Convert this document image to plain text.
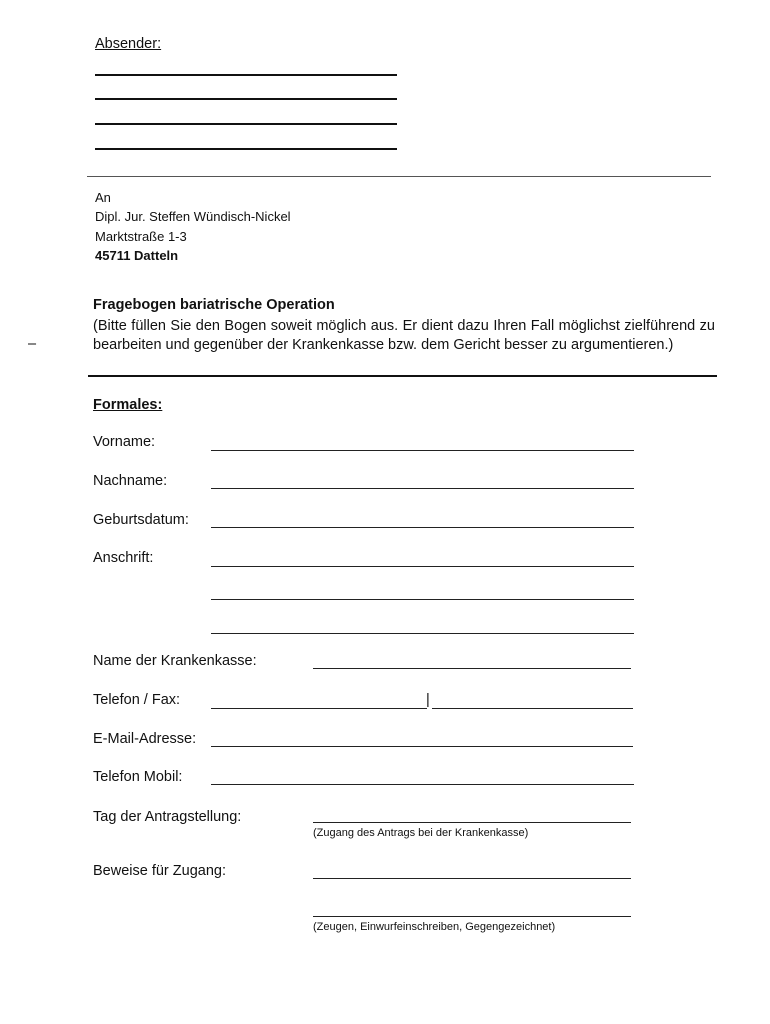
Absender:
An
Dipl. Jur. Steffen Wündisch-Nickel
Marktstraße 1-3
45711 Datteln
–
Fragebogen bariatrische Operation
(Bitte füllen Sie den Bogen soweit möglich aus. Er dient dazu Ihren Fall möglichst zielführend zu bearbeiten und gegenüber der Krankenkasse bzw. dem Gericht besser zu argumentieren.)
Formales:
Vorname:
Nachname:
Geburtsdatum:
Anschrift:
Name der Krankenkasse:
Telefon / Fax:	|
E-Mail-Adresse:
Telefon Mobil:
Tag der Antragstellung:
(Zugang des Antrags bei der Krankenkasse)
Beweise für Zugang:
(Zeugen, Einwurfeinschreiben, Gegengezeichnet)
